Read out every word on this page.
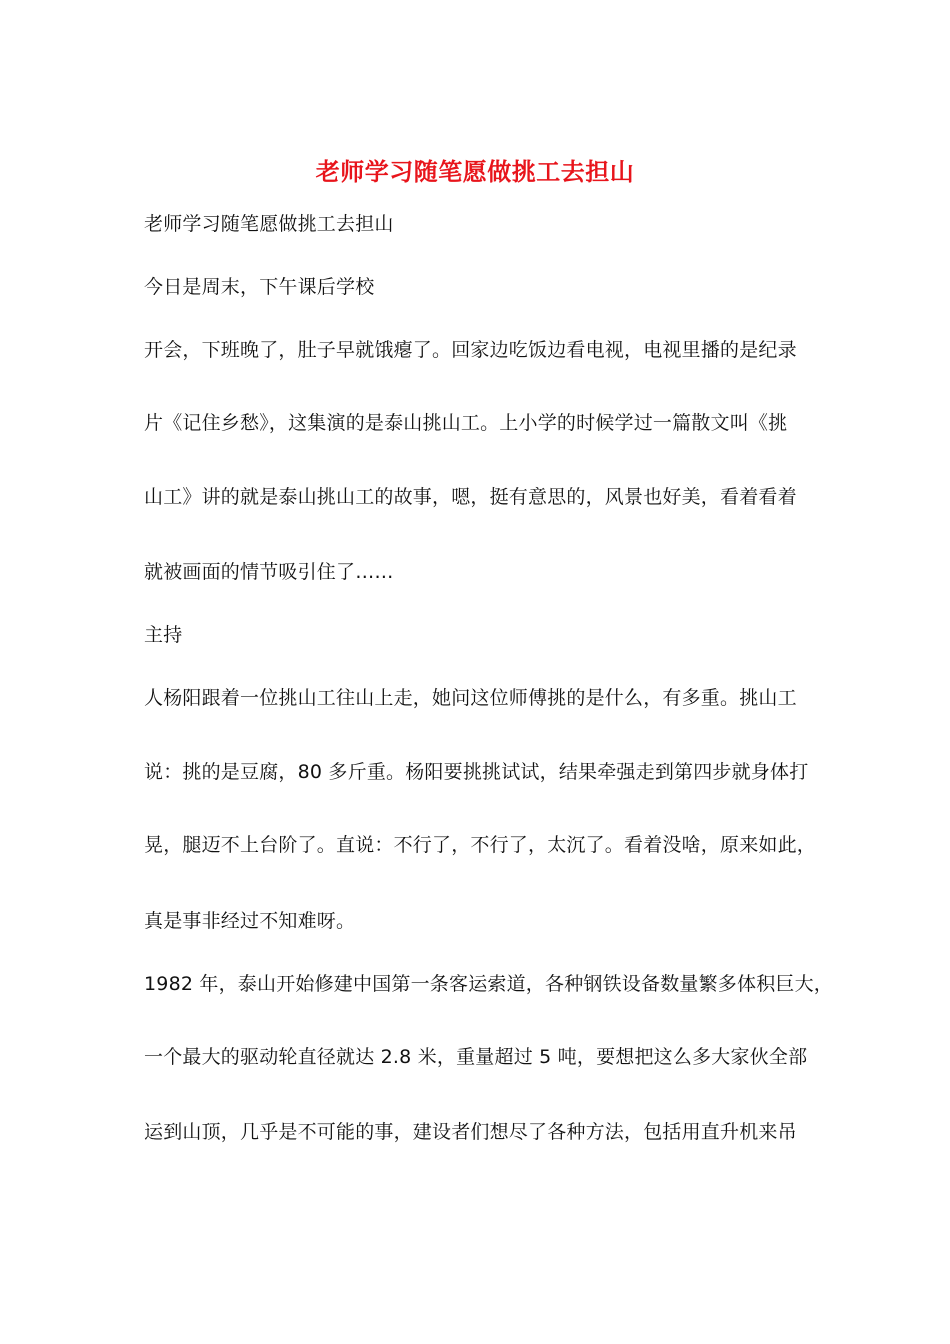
老师学习随笔愿做挑工去担山
老师学习随笔愿做挑工去担山
今日是周末，下午课后学校
开会，下班晚了，肚子早就饿瘪了。回家边吃饭边看电视，电视里播的是纪录
片《记住乡愁》，这集演的是泰山挑山工。上小学的时候学过一篇散文叫《挑
山工》讲的就是泰山挑山工的故事，嗯，挺有意思的，风景也好美，看着看着
就被画面的情节吸引住了……
主持
人杨阳跟着一位挑山工往山上走，她问这位师傅挑的是什么，有多重。挑山工
说：挑的是豆腐，80 多斤重。杨阳要挑挑试试，结果牵强走到第四步就身体打
晃，腿迈不上台阶了。直说：不行了，不行了，太沉了。看着没啥，原来如此，
真是事非经过不知难呀。
1982 年，泰山开始修建中国第一条客运索道，各种钢铁设备数量繁多体积巨大，
一个最大的驱动轮直径就达 2.8 米，重量超过 5 吨，要想把这么多大家伙全部
运到山顶，几乎是不可能的事，建设者们想尽了各种方法，包括用直升机来吊
